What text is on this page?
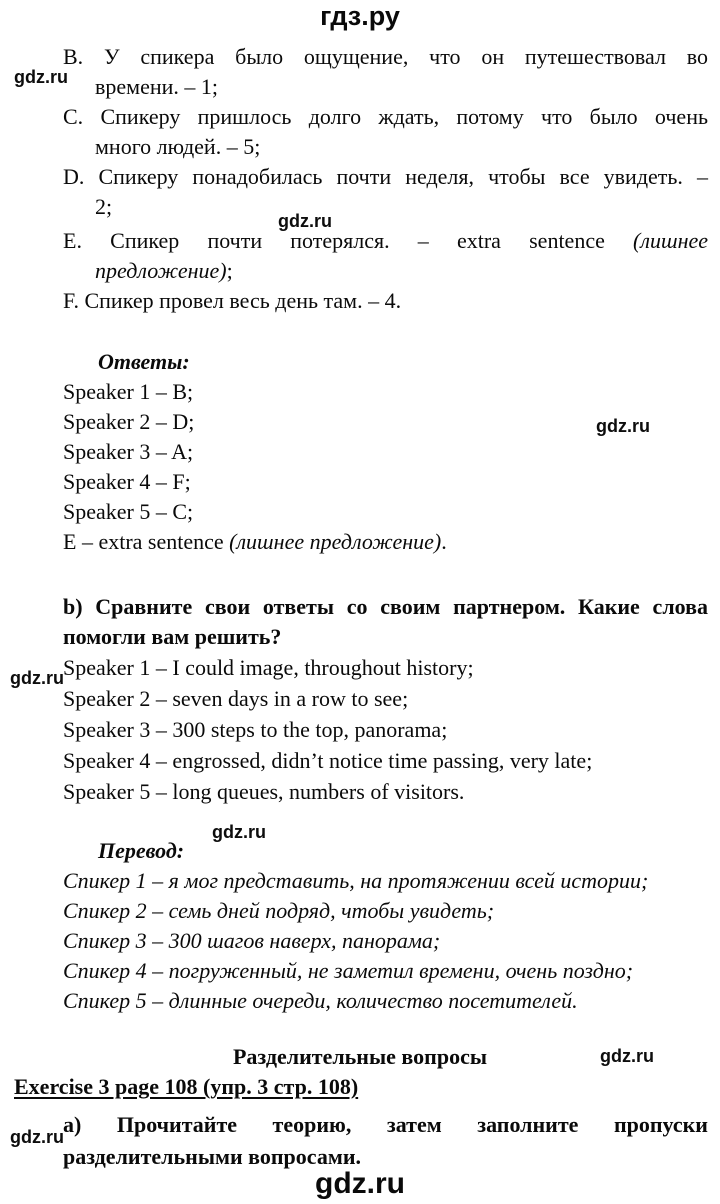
гдз.ру
gdz.ru
gdz.ru
gdz.ru
gdz.ru
gdz.ru
gdz.ru
gdz.ru
B. У спикера было ощущение, что он путешествовал во
времени. – 1;
C. Спикеру пришлось долго ждать, потому что было очень
много людей. – 5;
D. Спикеру понадобилась почти неделя, чтобы все увидеть. –
2;
E. Спикер почти потерялся. – extra sentence (лишнее
предложение);
F. Спикер провел весь день там. – 4.
Ответы:
Speaker 1 – B;
Speaker 2 – D;
Speaker 3 – A;
Speaker 4 – F;
Speaker 5 – C;
E – extra sentence (лишнее предложение).
b) Сравните свои ответы со своим партнером. Какие слова
помогли вам решить?
Speaker 1 – I could image, throughout history;
Speaker 2 – seven days in a row to see;
Speaker 3 – 300 steps to the top, panorama;
Speaker 4 – engrossed, didn’t notice time passing, very late;
Speaker 5 – long queues, numbers of visitors.
Перевод:
Спикер 1 – я мог представить, на протяжении всей истории;
Спикер 2 – семь дней подряд, чтобы увидеть;
Спикер 3 – 300 шагов наверх, панорама;
Спикер 4 – погруженный, не заметил времени, очень поздно;
Спикер 5 – длинные очереди, количество посетителей.
Разделительные вопросы
Exercise 3 page 108 (упр. 3 стр. 108)
а) Прочитайте теорию, затем заполните пропуски
разделительными вопросами.
gdz.ru
